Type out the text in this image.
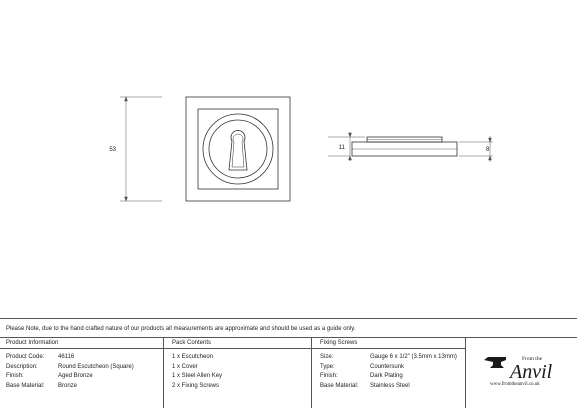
53	11	8
Please Note, due to the hand crafted nature of our products all measurements are approximate and should be used as a guide only.
Product Information
Product Code: 46116
Description:	Round Escutcheon (Square)
Finish:	Aged Bronze
Base Material: Bronze
Pack Contents
1 x Escutcheon
1 x Cover
1 x Steel Allen Key
2 x Fixing Screws
Fixing Screws
Size:	Gauge 6 x 1/2" (3.5mm x 13mm)
Type:	Countersunk
Finish:	Dark Plating
Base Material: Stainless Steel
From the
Anvil
www.fromtheanvil.co.uk
